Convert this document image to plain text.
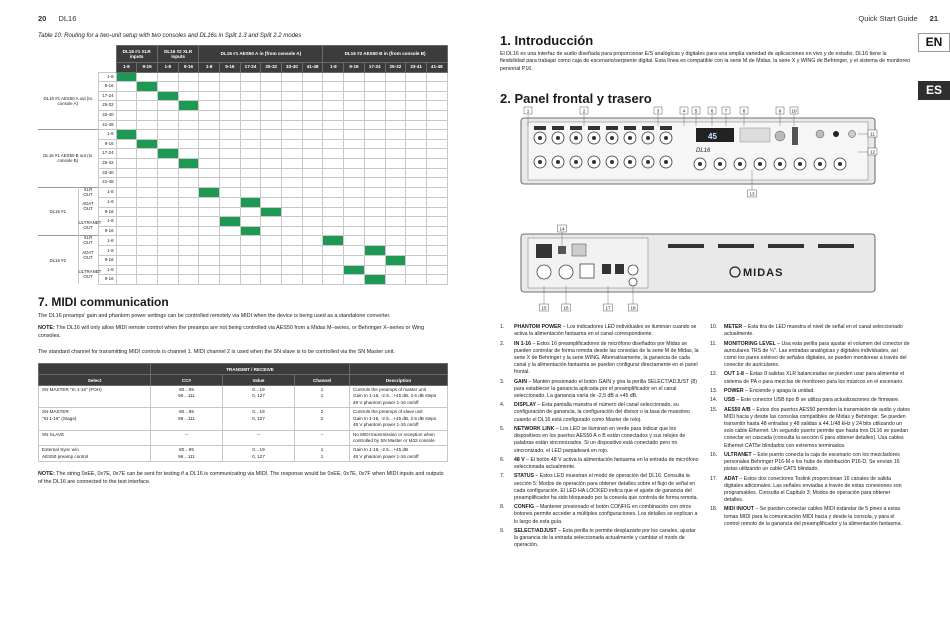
20 DL16
Table 10: Routing for a two-unit setup with two consoles and DL16s in Split 1.3 and Split 2.2 modes
			DL16 #1 XLR inputs		DL16 #2 XLR inputs		DL16 #1 AES50 A in (from console A)						DL16 #2 AES50 B in (from console B)					
			1-8	9-16	1-8	9-16	1-8	9-16	17-24	25-32	33-40	41-48	1-8	9-16	17-24	25-32	33-41	41-48
DL16 #1 AES50 A out (to console A)		1-8																
		9-16																
		17-24																
		25-32																
		33-40																
		41-48																
DL16 #1 AES50 B out (to console B)		1-8																
		9-16																
		17-24																
		25-32																
		33-40																
		41-48																
DL16 #1	XLR OUT	1-8																
	ADAT OUT	1-8																
		9-16																
	ULTRANET OUT	1-8																
		9-16																
DL16 #2	XLR OUT	1-8																
	ADAT OUT	1-8																
		9-16																
	ULTRANET OUT	1-8																
		9-16																
7. MIDI communication
The DL16 preamps' gain and phantom power settings can be controlled remotely via MIDI when the device is being used as a standalone converter.
NOTE: The DL16 will only allow MIDI remote control when the preamps are not being controlled via AES50 from a Midas M–series, or Behringer X–series or Wing consoles.
The standard channel for transmitting MIDI controls is channel 1. MIDI channel 2 is used when the SN slave is to be controlled via the SN Master unit.
	TRANSMIT / RECEIVE			
Select	CC#	Value	Channel	Description
SN MASTER "In 1-16" (FOH)	80…95
96…111	0…19
0, 127	1
1	Controls the preamps of master unit
Gain In 1-16, -2.5…+45 dB, 2.5 dB steps
48 V phantom power 1-16 on/off
SN MASTER
"St 1-16" (Stage)	80…95
96…111	0…19
0, 127	2
2	Controls the preamps of slave unit
Gain In 1-16, -2.5…+45 dB, 2.5 dB steps
48 V phantom power 1-16 on/off
SN SLAVE	–	–	–	No MIDI transmission or reception when controlled by SN Master or M32 console
External Sync w/o
AES50 preamp control	80…95
96…111	0…19
0, 127	1
1	Gain In 1-16, -2.5…+45 dB
48 V phantom power 1-16 on/off
NOTE: The string 0xEE, 0x7E, 0x7E can be sent for testing if a DL16 is communicating via MIDI. The response would be 0xEE, 0x7E, 0x7F when MIDI inputs and outputs of the DL16 are connected to the test interface.
Quick Start Guide 21
EN
ES
1. Introducción
El DL16 es una interfaz de audio diseñada para proporcionar E/S analógicas y digitales para una amplia variedad de aplicaciones en vivo y de estudio. DL16 tiene la flexibilidad para trabajar como caja de escenario/serpiente digital. Esta línea es compatible con la serie M de Midas, la serie X y WING de Behringer, y el sistema de monitoreo personal P16.
2. Panel frontal y trasero
45
DL16
1	2	3	4 5	6 7	8	9 10
11
12
13
MIDAS
14
15	16	17	18
1. PHANTOM POWER – Los indicadores LED individuales se iluminan cuando se activa la alimentación fantasma en el canal correspondiente.
2. IN 1-16 – Estos 16 preamplificadores de micrófono diseñados por Midas se pueden controlar de forma remota desde las consolas de la serie M de Midas, la serie X de Behringer y la serie WING. Alternativamente, la ganancia de cada canal y la alimentación fantasma se pueden configurar directamente en el panel frontal.
3. GAIN – Mantén presionado el botón GAIN y gira la perilla SELECT/ADJUST (8) para establecer la ganancia aplicada por el preamplificador en el canal seleccionado. La ganancia varía de -2,5 dB a +45 dB.
4. DISPLAY – Esta pantalla muestra el número del canal seleccionado, su configuración de ganancia, la configuración del divisor o la tasa de muestreo cuando el DL16 está configurado como Master de reloj.
5. NETWORK LINK – Los LED se iluminan en verde para indicar que los dispositivos en los puertos AES50 A o B están conectados y sus relojes de palabras están sincronizados. Si un dispositivo está conectado pero no sincronizado, el LED parpadeará en rojo.
6. 48 V – El botón 48 V activa la alimentación fantasma en la entrada de micrófono seleccionada actualmente.
7. STATUS – Estos LED muestran el modo de operación del DL16. Consulta la sección 5: Modos de operación para obtener detalles sobre el flujo de señal en cada configuración. El LED HA LOCKED indica que el ajuste de ganancia del preamplificador ha sido bloqueado por la consola que controla de forma remota.
8. CONFIG – Mantener presionado el botón CONFIG en combinación con otros botones permite acceder a múltiples configuraciones. Los detalles se explican a lo largo de esta guía.
9. SELECT/ADJUST – Esta perilla te permite desplazarte por los canales, ajustar la ganancia de la entrada seleccionada actualmente y cambiar el modo de operación.
10. METER – Esta tira de LED muestra el nivel de señal en el canal seleccionado actualmente.
11. MONITORING LEVEL – Usa esta perilla para ajustar el volumen del conector de auriculares TRS de ¼". Las entradas analógicas y digitales individuales, así como los pares estéreo de señales digitales, se pueden monitorear a través del conector de auriculares.
12. OUT 1-8 – Estas 8 salidas XLR balanceadas se pueden usar para alimentar el sistema de PA o para mezclas de monitoreo para los músicos en el escenario.
13. POWER – Enciende y apaga la unidad.
14. USB – Este conector USB tipo B se utiliza para actualizaciones de firmware.
15. AES50 A/B – Estos dos puertos AES50 permiten la transmisión de audio y datos MIDI hacia y desde las consolas compatibles de Midas y Behringer. Se pueden transmitir hasta 48 entradas y 48 salidas a 44.1/48 kHz y 24 bits utilizando un solo cable Ethernet. Un segundo puerto permite que hasta tres DL16 se puedan conectar en cascada (consulta la sección 6 para obtener detalles). Usa cables Ethernet CAT5e blindados con extremos terminados.
16. ULTRANET – Este puerto conecta la caja de escenario con los mezcladores personales Behringer P16-M o los hubs de distribución P16-D. Se envían 16 pistas utilizando un cable CAT5 blindado.
17. ADAT – Estos dos conectores Toslink proporcionan 16 canales de salida digitales adicionales. Las señales enviadas a través de estas conexiones son programables. Consulta el Capítulo 3: Modos de operación para obtener detalles.
18. MIDI IN/OUT – Se pueden conectar cables MIDI estándar de 5 pines a estas tomas MIDI para la comunicación MIDI hacia y desde la consola, y para el control remoto de la ganancia del preamplificador y la alimentación fantasma.
